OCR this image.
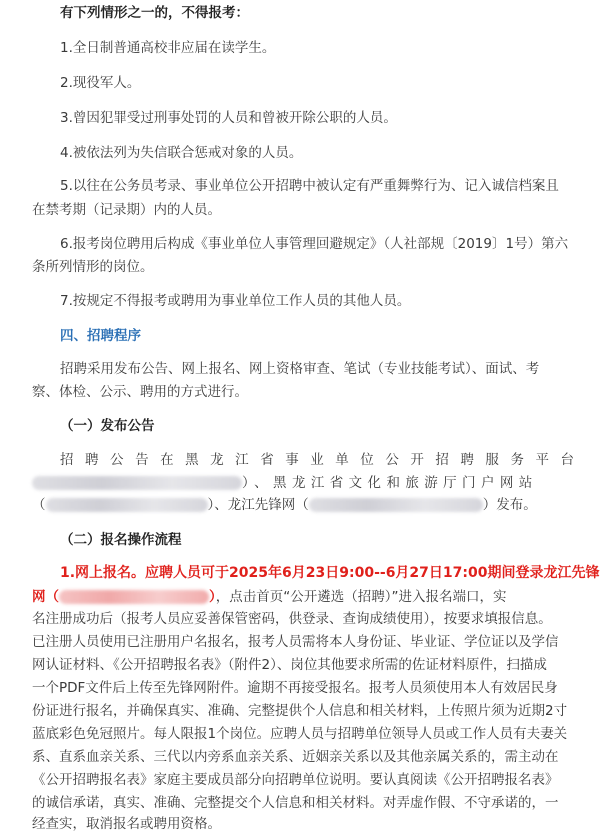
有下列情形之一的，不得报考：
1.全日制普通高校非应届在读学生。
2.现役军人。
3.曾因犯罪受过刑事处罚的人员和曾被开除公职的人员。
4.被依法列为失信联合惩戒对象的人员。
5.以往在公务员考录、事业单位公开招聘中被认定有严重舞弊行为、记入诚信档案且
在禁考期（记录期）内的人员。
6.报考岗位聘用后构成《事业单位人事管理回避规定》（人社部规〔2019〕1号）第六
条所列情形的岗位。
7.按规定不得报考或聘用为事业单位工作人员的其他人员。
四、招聘程序
招聘采用发布公告、网上报名、网上资格审查、笔试（专业技能考试）、面试、考
察、体检、公示、聘用的方式进行。
（一）发布公告
招聘公告在黑龙江省事业单位公开招聘服务平台
）、黑龙江省文化和旅游厅门户网站
（	）、龙江先锋网（	）发布。
（二）报名操作流程
1.网上报名。应聘人员可于2025年6月23日9:00--6月27日17:00期间登录龙江先锋
网（	），点击首页“公开遴选（招聘）”进入报名端口，实
名注册成功后（报考人员应妥善保管密码，供登录、查询成绩使用），按要求填报信息。
已注册人员使用已注册用户名报名，报考人员需将本人身份证、毕业证、学位证以及学信
网认证材料、《公开招聘报名表》（附件2）、岗位其他要求所需的佐证材料原件，扫描成
一个PDF文件后上传至先锋网附件。逾期不再接受报名。报考人员须使用本人有效居民身
份证进行报名，并确保真实、准确、完整提供个人信息和相关材料，上传照片须为近期2寸
蓝底彩色免冠照片。每人限报1个岗位。应聘人员与招聘单位领导人员或工作人员有夫妻关
系、直系血亲关系、三代以内旁系血亲关系、近姻亲关系以及其他亲属关系的，需主动在
《公开招聘报名表》家庭主要成员部分向招聘单位说明。要认真阅读《公开招聘报名表》
的诚信承诺，真实、准确、完整提交个人信息和相关材料。对弄虚作假、不守承诺的，一
经查实，取消报名或聘用资格。
